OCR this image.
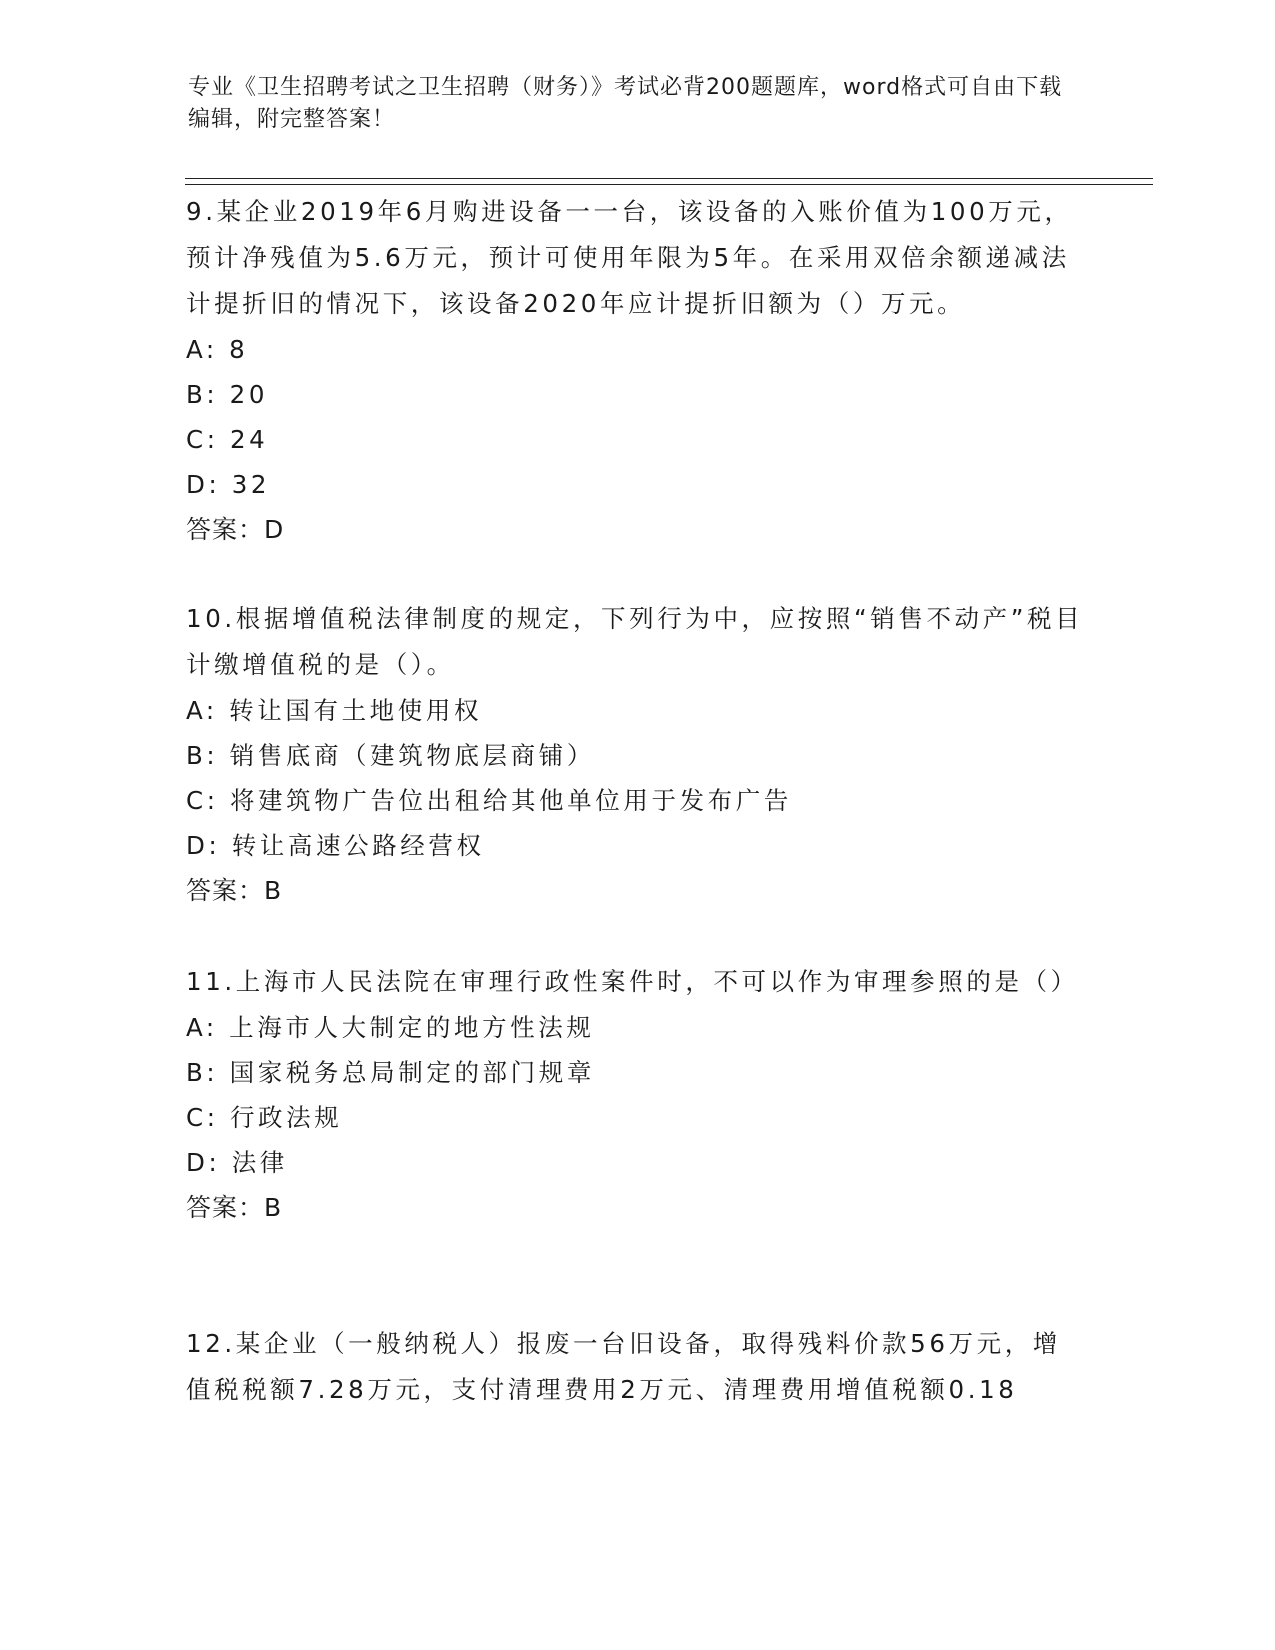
专业《卫生招聘考试之卫生招聘（财务）》考试必背200题题库，word格式可自由下载编辑，附完整答案！

9.某企业2019年6月购进设备一一台，该设备的入账价值为100万元，预计净残值为5.6万元，预计可使用年限为5年。在采用双倍余额递减法计提折旧的情况下，该设备2020年应计提折旧额为（）万元。

A: 8

B: 20

C: 24

D: 32

答案：D

10.根据增值税法律制度的规定，下列行为中，应按照“销售不动产”税目计缴增值税的是（）。

A: 转让国有土地使用权

B: 销售底商（建筑物底层商铺）

C: 将建筑物广告位出租给其他单位用于发布广告

D: 转让高速公路经营权

答案：B

11.上海市人民法院在审理行政性案件时，不可以作为审理参照的是（）

A: 上海市人大制定的地方性法规

B: 国家税务总局制定的部门规章

C: 行政法规

D: 法律

答案：B

12.某企业（一般纳税人）报废一台旧设备，取得残料价款56万元，增值税税额7.28万元，支付清理费用2万元、清理费用增值税额0.18
